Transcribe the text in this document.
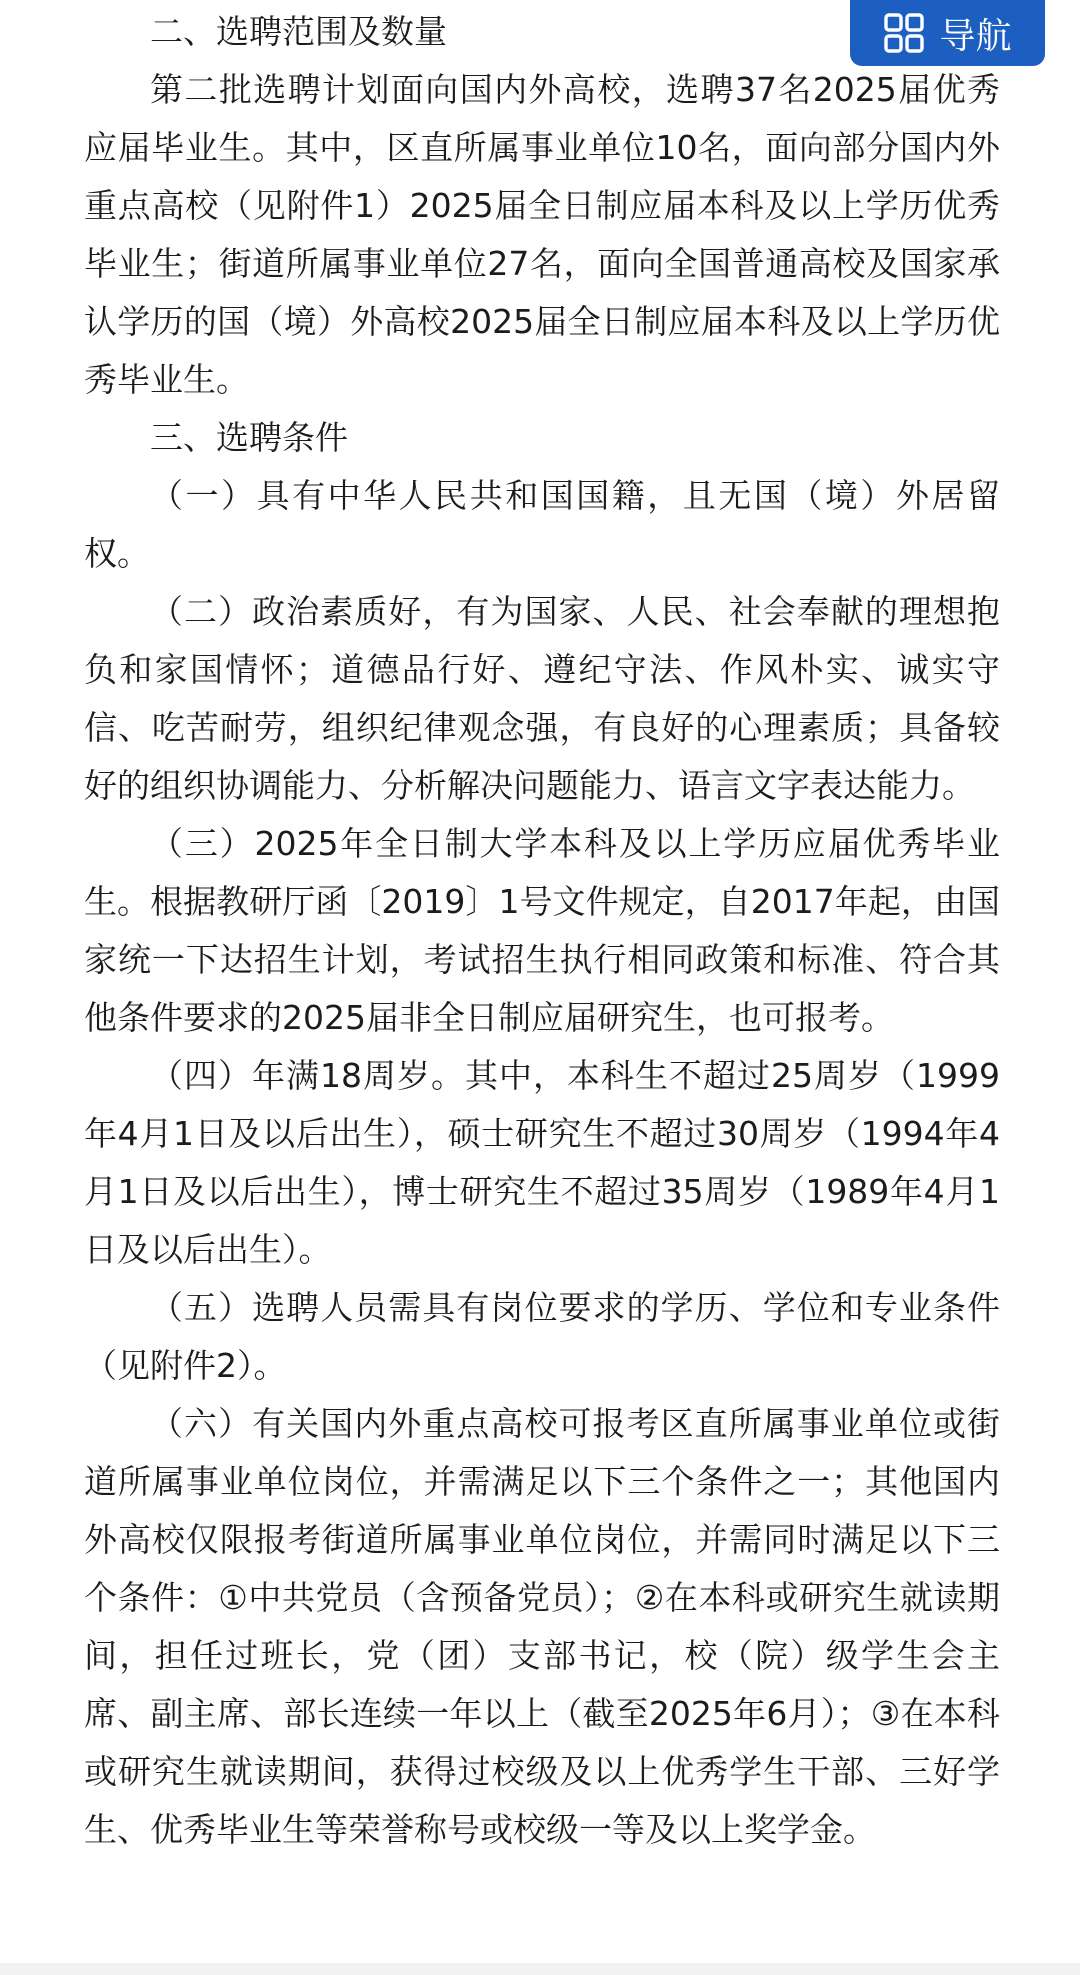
二、选聘范围及数量

第二批选聘计划面向国内外高校，选聘37名2025届优秀应届毕业生。其中，区直所属事业单位10名，面向部分国内外重点高校（见附件1）2025届全日制应届本科及以上学历优秀毕业生；街道所属事业单位27名，面向全国普通高校及国家承认学历的国（境）外高校2025届全日制应届本科及以上学历优秀毕业生。

三、选聘条件

（一）具有中华人民共和国国籍，且无国（境）外居留权。

（二）政治素质好，有为国家、人民、社会奉献的理想抱负和家国情怀；道德品行好、遵纪守法、作风朴实、诚实守信、吃苦耐劳，组织纪律观念强，有良好的心理素质；具备较好的组织协调能力、分析解决问题能力、语言文字表达能力。

（三）2025年全日制大学本科及以上学历应届优秀毕业生。根据教研厅函〔2019〕1号文件规定，自2017年起，由国家统一下达招生计划，考试招生执行相同政策和标准、符合其他条件要求的2025届非全日制应届研究生，也可报考。

（四）年满18周岁。其中，本科生不超过25周岁（1999年4月1日及以后出生），硕士研究生不超过30周岁（1994年4月1日及以后出生），博士研究生不超过35周岁（1989年4月1日及以后出生）。

（五）选聘人员需具有岗位要求的学历、学位和专业条件（见附件2）。

（六）有关国内外重点高校可报考区直所属事业单位或街道所属事业单位岗位，并需满足以下三个条件之一；其他国内外高校仅限报考街道所属事业单位岗位，并需同时满足以下三个条件：①中共党员（含预备党员）；②在本科或研究生就读期间，担任过班长，党（团）支部书记，校（院）级学生会主席、副主席、部长连续一年以上（截至2025年6月）；③在本科或研究生就读期间，获得过校级及以上优秀学生干部、三好学生、优秀毕业生等荣誉称号或校级一等及以上奖学金。

导航
